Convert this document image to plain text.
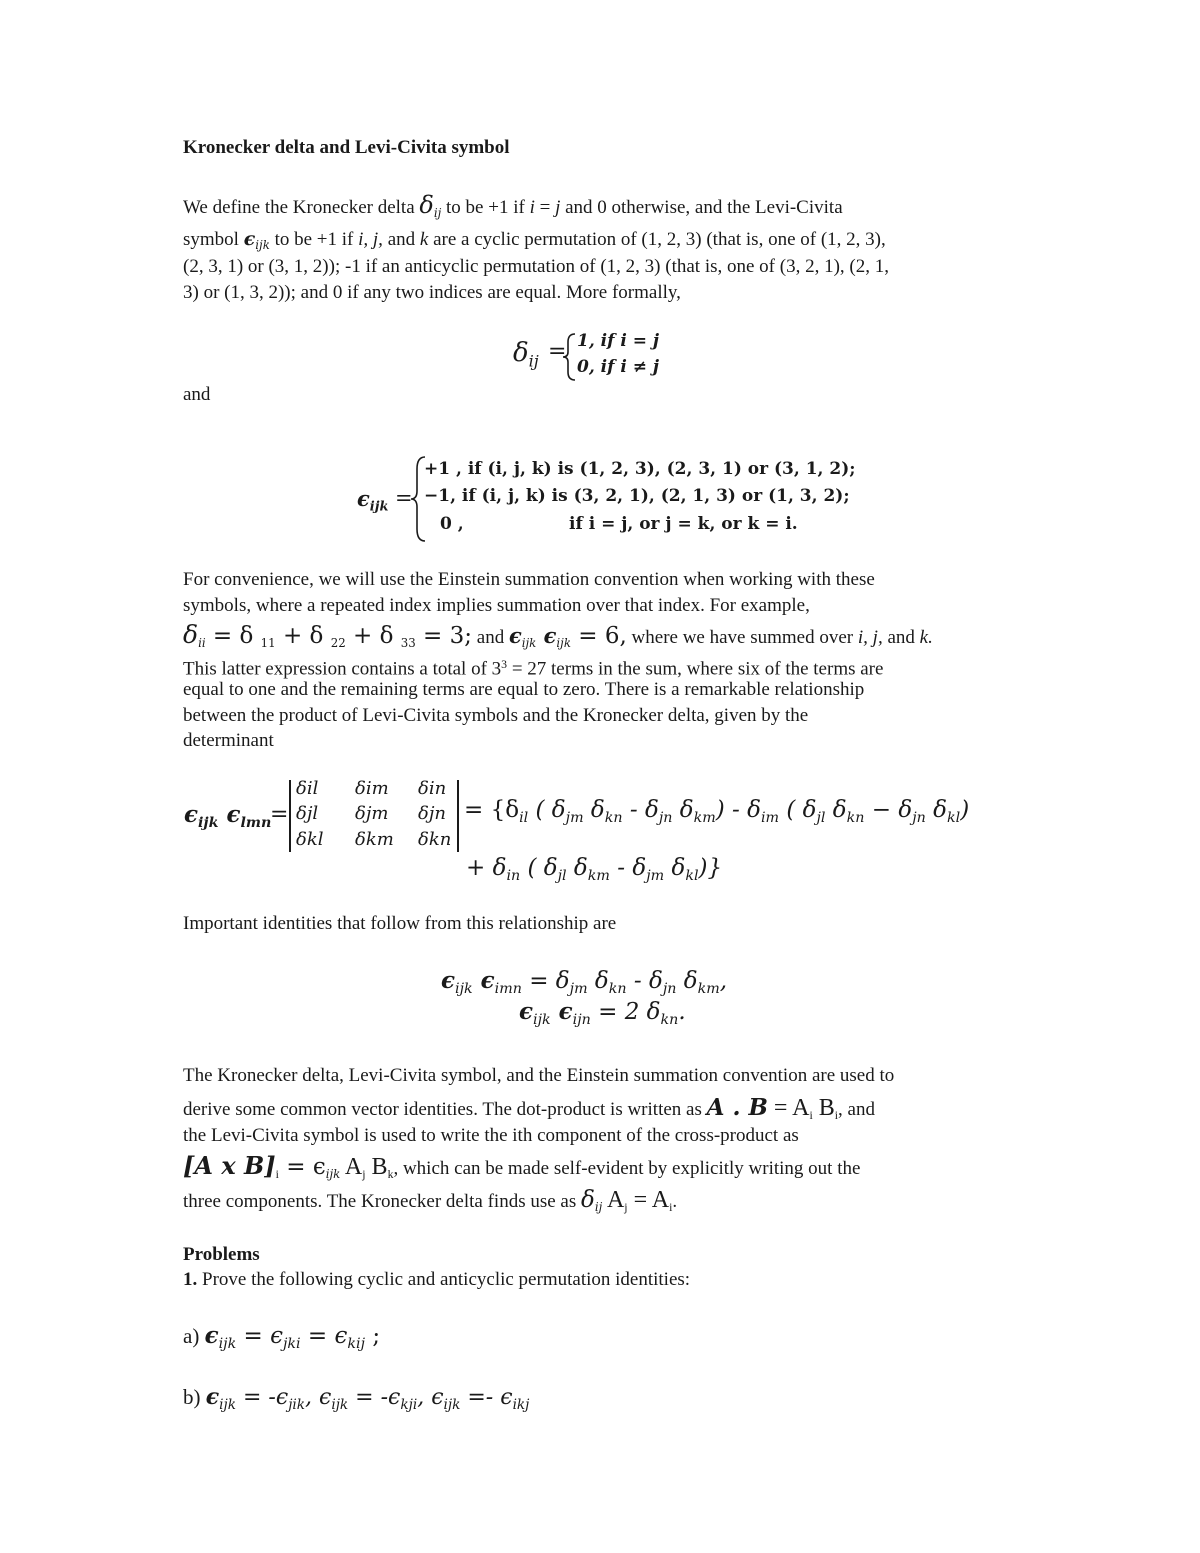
Kronecker delta and Levi-Civita symbol
We define the Kronecker delta $\delta_{ij}$ to be +1 if i = j and 0 otherwise, and the Levi-Civita
symbol $\epsilon_{ijk}$ to be +1 if i, j, and k are a cyclic permutation of (1, 2, 3) (that is, one of (1, 2, 3),
(2, 3, 1) or (3, 1, 2)); -1 if an anticyclic permutation of (1, 2, 3) (that is, one of (3, 2, 1), (2, 1,
3) or (1, 3, 2)); and 0 if any two indices are equal. More formally,
$\delta_{ij} = 1$, if i = j
0, if i ≠ j
and
$\epsilon_{ijk}$ =
+1 , if (i, j, k) is (1, 2, 3), (2, 3, 1) or (3, 1, 2);
−1, if (i, j, k) is (3, 2, 1), (2, 1, 3) or (1, 3, 2);
0 ,	if i = j, or j = k, or k = i.
For convenience, we will use the Einstein summation convention when working with these
symbols, where a repeated index implies summation over that index. For example,
$\delta_{ii} = \delta$ $_{11}$ + δ $_{22}$ + δ $_{33}$ = 3; and $\epsilon_{ijk}$ $\epsilon_{ijk} = 6$, where we have summed over i, j, and k.
This latter expression contains a total of $3^3 = 27$ terms in the sum, where six of the terms are
equal to one and the remaining terms are equal to zero. There is a remarkable relationship
between the product of Levi-Civita symbols and the Kronecker delta, given by the
determinant
$\epsilon_{ijk}$ $\epsilon_{lmn}$
=
δil δim δin
δjl δjm δjn
δkl δkm δkn
= {$\delta_{il}$ ( $\delta_{jm}$ $\delta_{kn} - \delta_{jn}$ $\delta_{km}) - \delta_{im}$ ( $\delta_{jl}$ $\delta_{kn} - \delta_{jn}$ $\delta_{kl}$)
+ $\delta_{in}$ ( $\delta_{jl}$ $\delta_{km} - \delta_{jm}$ $\delta_{kl}$)}
Important identities that follow from this relationship are
$\epsilon_{ijk}$ $\epsilon_{imn} = \delta_{jm}$ $\delta_{kn} - \delta_{jn}$ $\delta_{km}$,
$\epsilon_{ijk}$ $\epsilon_{ijn} = 2$ $\delta_{kn}$.
The Kronecker delta, Levi-Civita symbol, and the Einstein summation convention are used to
derive some common vector identities. The dot-product is written as A . $B = A_i$ $B_i$, and
the Levi-Civita symbol is used to write the ith component of the cross-product as
[A x $B]_i = \epsilon_{ijk}$ $A_j$ $B_k$, which can be made self-evident by explicitly writing out the
three components. The Kronecker delta finds use as $\delta_{ij}$ $A_j = A_i$.
Problems
1. Prove the following cyclic and anticyclic permutation identities:
a) $\epsilon_{ijk} = \epsilon_{jki} = \epsilon_{kij}$ ;
b) $\epsilon_{ijk} = -\epsilon_{jik}$, $\epsilon_{ijk} = -\epsilon_{kji}$, $\epsilon_{ijk} =- \epsilon_{ikj}$
